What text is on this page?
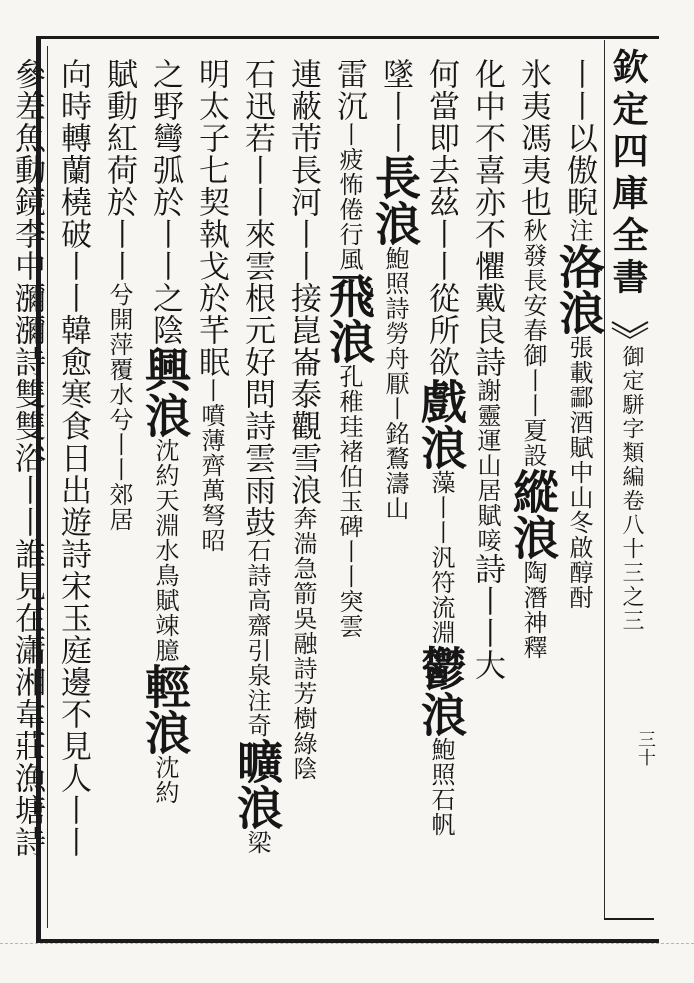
欽定四庫全書
御定駢字類編卷八十三之三
三十
丨丨以傲睨注洛浪張載酃酒賦中山冬啟醇酎
氷夷馮夷也秋發長安春御丨丨夏設縱浪陶潛神釋
化中不喜亦不懼戴良詩謝靈運山居賦唼詩丨丨大
何當即去茲丨丨從所欲戲浪藻丨丨汎符流淵鬱浪鮑照石帆
墜丨丨長浪鮑照詩勞舟厭丨銘鶩濤山
雷沉丨疲怖倦行風飛浪孔稚珪褚伯玉碑丨丨突雲
連蔽芾長河丨丨接崑崙泰觀雪浪奔湍急箭吳融詩芳樹綠陰
石迅若丨丨來雲根元好問詩雲雨鼓石詩高齋引泉注奇曠浪梁
明太子七契執戈於芊眠丨噴薄齊萬弩昭
之野彎弧於丨丨之陰興浪沈約天淵水鳥賦竦臆輕浪沈約
賦動紅荷於丨丨兮開萍覆水兮丨丨郊居
向時轉蘭橈破丨丨韓愈寒食日出遊詩宋玉庭邊不見人丨丨
參差魚動鏡李中瀰瀰詩雙雙浴丨丨誰見在瀟湘韋莊漁塘詩
